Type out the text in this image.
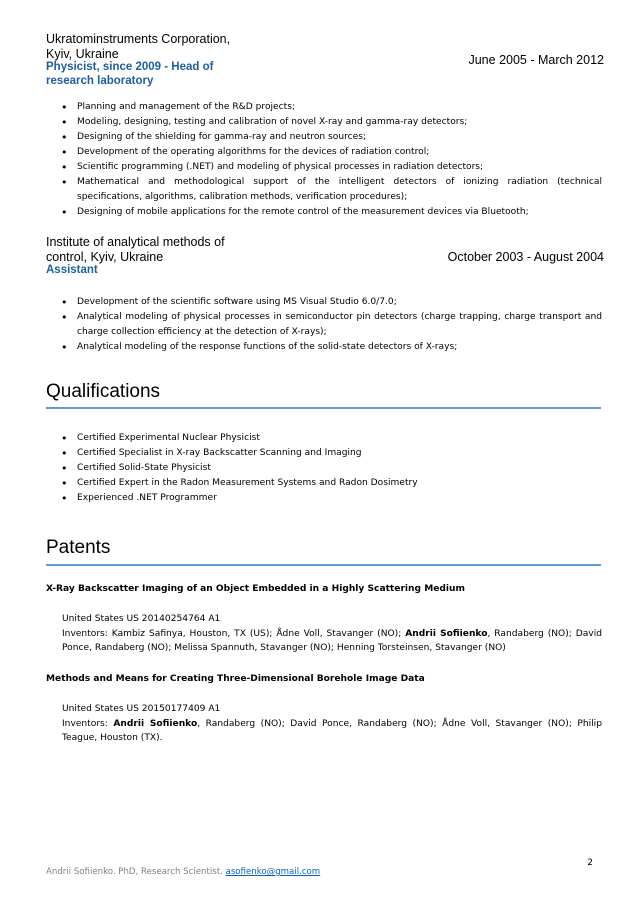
Ukratominstruments Corporation,
Kyiv, Ukraine
Physicist, since 2009 - Head of
research laboratory
June 2005 - March 2012
• Planning and management of the R&D projects;
• Modeling, designing, testing and calibration of novel X-ray and gamma-ray detectors;
• Designing of the shielding for gamma-ray and neutron sources;
• Development of the operating algorithms for the devices of radiation control;
• Scientific programming (.NET) and modeling of physical processes in radiation detectors;
• Mathematical and methodological support of the intelligent detectors of ionizing radiation (technical specifications, algorithms, calibration methods, verification procedures);
• Designing of mobile applications for the remote control of the measurement devices via Bluetooth;
Institute of analytical methods of
control, Kyiv, Ukraine
Assistant
October 2003 - August 2004
• Development of the scientific software using MS Visual Studio 6.0/7.0;
• Analytical modeling of physical processes in semiconductor pin detectors (charge trapping, charge transport and charge collection efficiency at the detection of X-rays);
• Analytical modeling of the response functions of the solid-state detectors of X-rays;
Qualifications
• Certified Experimental Nuclear Physicist
• Certified Specialist in X-ray Backscatter Scanning and Imaging
• Certified Solid-State Physicist
• Certified Expert in the Radon Measurement Systems and Radon Dosimetry
• Experienced .NET Programmer
Patents
X-Ray Backscatter Imaging of an Object Embedded in a Highly Scattering Medium
United States US 20140254764 A1
Inventors: Kambiz Safinya, Houston, TX (US); Ådne Voll, Stavanger (NO); Andrii Sofiienko, Randaberg (NO); David Ponce, Randaberg (NO); Melissa Spannuth, Stavanger (NO); Henning Torsteinsen, Stavanger (NO)
Methods and Means for Creating Three-Dimensional Borehole Image Data
United States US 20150177409 A1
Inventors: Andrii Sofiienko, Randaberg (NO); David Ponce, Randaberg (NO); Ådne Voll, Stavanger (NO); Philip Teague, Houston (TX).
2
Andrii Sofiienko. PhD, Research Scientist. asofienko@gmail.com
